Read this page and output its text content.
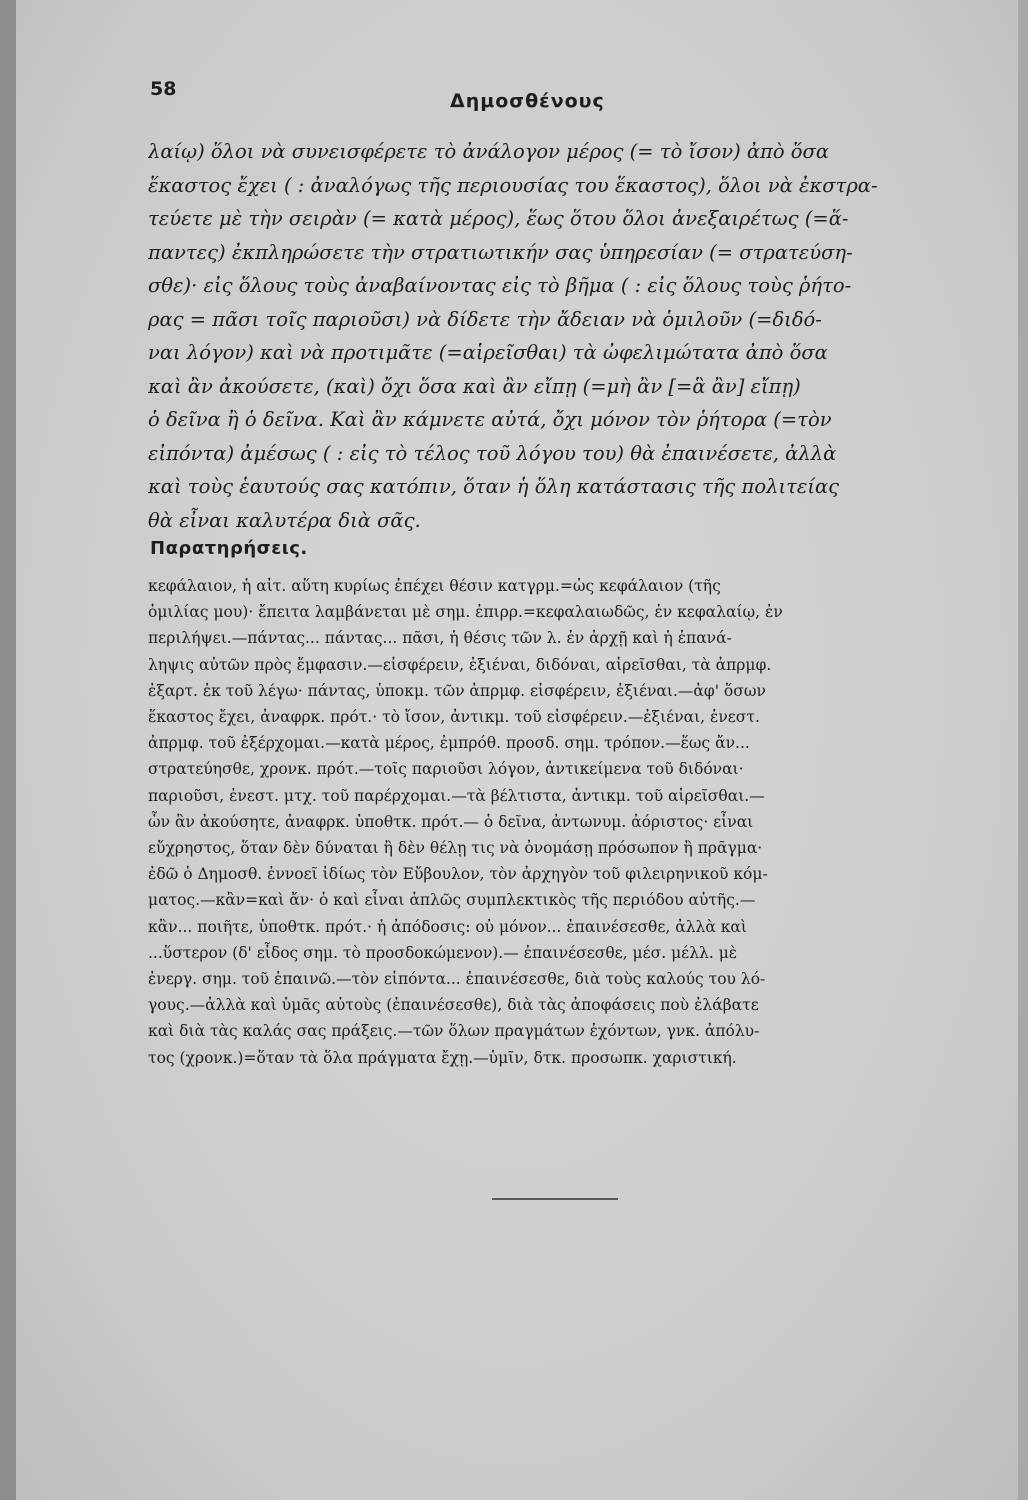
58
Δημοσθένους
λαίῳ) ὅλοι νὰ συνεισφέρετε τὸ ἀνάλογον μέρος (= τὸ ἴσον) ἀπὸ ὅσα
ἕκαστος ἔχει ( : ἀναλόγως τῆς περιουσίας του ἕκαστος), ὅλοι νὰ ἐκστρα-
τεύετε μὲ τὴν σειρὰν (= κατὰ μέρος), ἕως ὅτου ὅλοι ἀνεξαιρέτως (=ἅ-
παντες) ἐκπληρώσετε τὴν στρατιωτικήν σας ὑπηρεσίαν (= στρατεύση-
σθε)· εἰς ὅλους τοὺς ἀναβαίνοντας εἰς τὸ βῆμα ( : εἰς ὅλους τοὺς ῥήτο-
ρας = πᾶσι τοῖς παριοῦσι) νὰ δίδετε τὴν ἄδειαν νὰ ὁμιλοῦν (=διδό-
ναι λόγον) καὶ νὰ προτιμᾶτε (=αἱρεῖσθαι) τὰ ὠφελιμώτατα ἀπὸ ὅσα
καὶ ἂν ἀκούσετε, (καὶ) ὄχι ὅσα καὶ ἂν εἴπῃ (=μὴ ἂν [=ἃ ἂν] εἴπῃ)
ὁ δεῖνα ἢ ὁ δεῖνα. Καὶ ἂν κάμνετε αὐτά, ὄχι μόνον τὸν ῥήτορα (=τὸν
εἰπόντα) ἀμέσως ( : εἰς τὸ τέλος τοῦ λόγου του) θὰ ἐπαινέσετε, ἀλλὰ
καὶ τοὺς ἑαυτούς σας κατόπιν, ὅταν ἡ ὅλη κατάστασις τῆς πολιτείας
θὰ εἶναι καλυτέρα διὰ σᾶς.
Παρατηρήσεις.
κεφάλαιον, ἡ αἰτ. αὕτη κυρίως ἐπέχει θέσιν κατγρμ.=ὡς κεφάλαιον (τῆς
ὁμιλίας μου)· ἔπειτα λαμβάνεται μὲ σημ. ἐπιρρ.=κεφαλαιωδῶς, ἐν κεφαλαίῳ, ἐν
περιλήψει.—πάντας... πάντας... πᾶσι, ἡ θέσις τῶν λ. ἐν ἀρχῇ καὶ ἡ ἐπανά-
ληψις αὐτῶν πρὸς ἔμφασιν.—εἰσφέρειν, ἐξιέναι, διδόναι, αἱρεῖσθαι, τὰ ἀπρμφ.
ἐξαρτ. ἐκ τοῦ λέγω· πάντας, ὑποκμ. τῶν ἀπρμφ. εἰσφέρειν, ἐξιέναι.—ἀφ' ὅσων
ἕκαστος ἔχει, ἀναφρκ. πρότ.· τὸ ἴσον, ἀντικμ. τοῦ εἰσφέρειν.—ἐξιέναι, ἐνεστ.
ἀπρμφ. τοῦ ἐξέρχομαι.—κατὰ μέρος, ἐμπρόθ. προσδ. σημ. τρόπον.—ἕως ἄν...
στρατεύησθε, χρονκ. πρότ.—τοῖς παριοῦσι λόγον, ἀντικείμενα τοῦ διδόναι·
παριοῦσι, ἐνεστ. μτχ. τοῦ παρέρχομαι.—τὰ βέλτιστα, ἀντικμ. τοῦ αἱρεῖσθαι.—
ὧν ἂν ἀκούσητε, ἀναφρκ. ὑποθτκ. πρότ.— ὁ δεῖνα, ἀντωνυμ. ἀόριστος· εἶναι
εὔχρηστος, ὅταν δὲν δύναται ἢ δὲν θέλῃ τις νὰ ὀνομάσῃ πρόσωπον ἢ πρᾶγμα·
ἐδῶ ὁ Δημοσθ. ἐννοεῖ ἰδίως τὸν Εὔβουλον, τὸν ἀρχηγὸν τοῦ φιλειρηνικοῦ κόμ-
ματος.—κἂν=καὶ ἄν· ὁ καὶ εἶναι ἁπλῶς συμπλεκτικὸς τῆς περιόδου αὐτῆς.—
κἂν... ποιῆτε, ὑποθτκ. πρότ.· ἡ ἀπόδοσις: οὐ μόνον... ἐπαινέσεσθε, ἀλλὰ καὶ
...ὕστερον (δ' εἶδος σημ. τὸ προσδοκώμενον).— ἐπαινέσεσθε, μέσ. μέλλ. μὲ
ἐνεργ. σημ. τοῦ ἐπαινῶ.—τὸν εἰπόντα... ἐπαινέσεσθε, διὰ τοὺς καλούς του λό-
γους.—ἀλλὰ καὶ ὑμᾶς αὐτοὺς (ἐπαινέσεσθε), διὰ τὰς ἀποφάσεις ποὺ ἐλάβατε
καὶ διὰ τὰς καλάς σας πράξεις.—τῶν ὅλων πραγμάτων ἐχόντων, γνκ. ἀπόλυ-
τος (χρονκ.)=ὅταν τὰ ὅλα πράγματα ἔχῃ.—ὑμῖν, δτκ. προσωπκ. χαριστική.
